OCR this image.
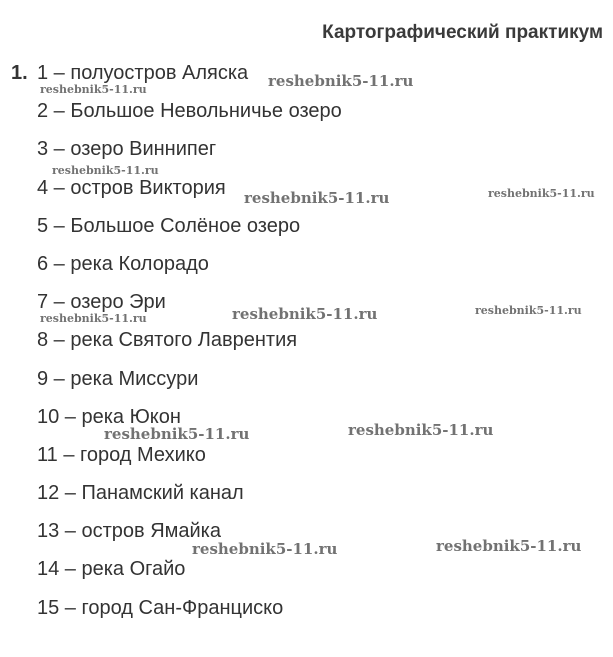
Картографический практикум
1. 1 – полуостров Аляска
2 – Большое Невольничье озеро
3 – озеро Виннипег
4 – остров Виктория
5 – Большое Солёное озеро
6 – река Колорадо
7 – озеро Эри
8 – река Святого Лаврентия
9 – река Миссури
10 – река Юкон
11 – город Мехико
12 – Панамский канал
13 – остров Ямайка
14 – река Огайо
15 – город Сан-Франциско
reshebnik5-11.ru
reshebnik5-11.ru
reshebnik5-11.ru
reshebnik5-11.ru	reshebnik5-11.ru
reshebnik5-11.ru	reshebnik5-11.ru
reshebnik5-11.ru
reshebnik5-11.ru	reshebnik5-11.ru
reshebnik5-11.ru	reshebnik5-11.ru
